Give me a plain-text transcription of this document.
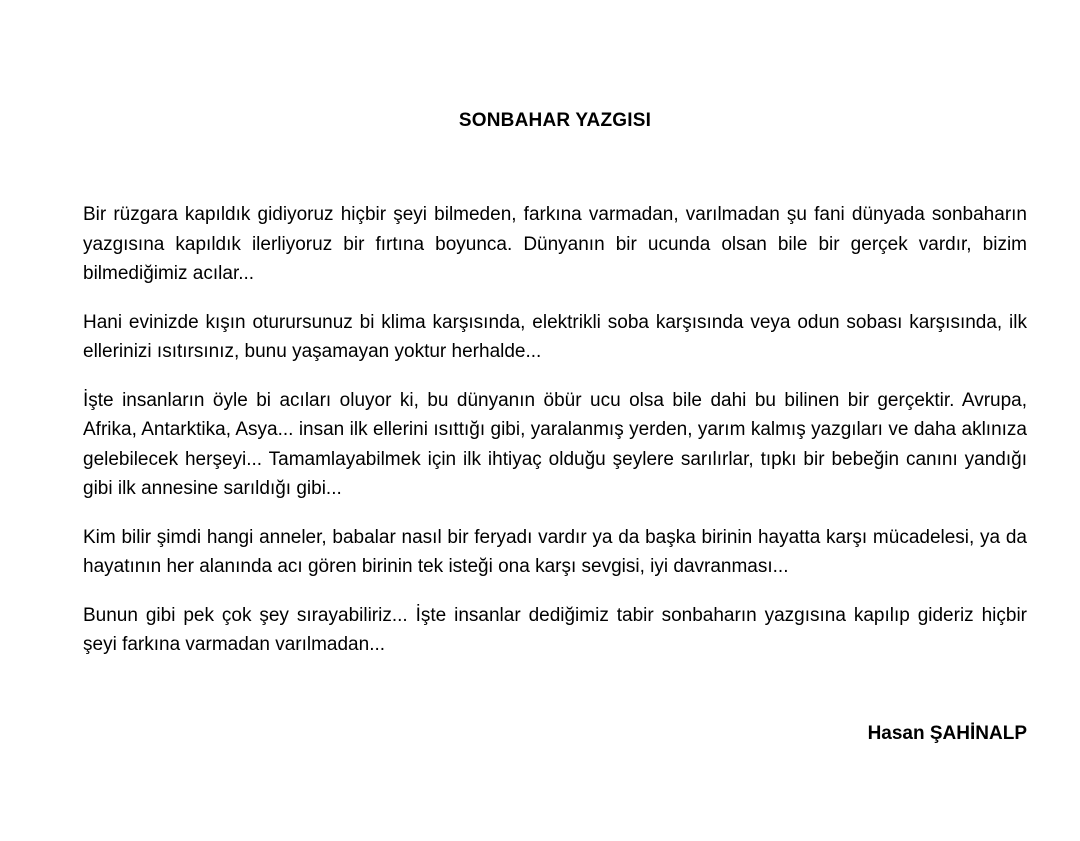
SONBAHAR YAZGISI

Bir rüzgara kapıldık gidiyoruz hiçbir şeyi bilmeden, farkına varmadan, varılmadan şu fani dünyada sonbaharın yazgısına kapıldık ilerliyoruz bir fırtına boyunca. Dünyanın bir ucunda olsan bile bir gerçek vardır, bizim bilmediğimiz acılar...

Hani evinizde kışın oturursunuz bi klima karşısında, elektrikli soba karşısında veya odun sobası karşısında, ilk ellerinizi ısıtırsınız, bunu yaşamayan yoktur herhalde...

İşte insanların öyle bi acıları oluyor ki, bu dünyanın öbür ucu olsa bile dahi bu bilinen bir gerçektir. Avrupa, Afrika, Antarktika, Asya... insan ilk ellerini ısıttığı gibi, yaralanmış yerden, yarım kalmış yazgıları ve daha aklınıza gelebilecek herşeyi... Tamamlayabilmek için ilk ihtiyaç olduğu şeylere sarılırlar, tıpkı bir bebeğin canını yandığı gibi ilk annesine sarıldığı gibi...

Kim bilir şimdi hangi anneler, babalar nasıl bir feryadı vardır ya da başka birinin hayatta karşı mücadelesi, ya da hayatının her alanında acı gören birinin tek isteği ona karşı sevgisi, iyi davranması...

Bunun gibi pek çok şey sırayabiliriz... İşte insanlar dediğimiz tabir sonbaharın yazgısına kapılıp gideriz hiçbir şeyi farkına varmadan varılmadan...

Hasan ŞAHİNALP
